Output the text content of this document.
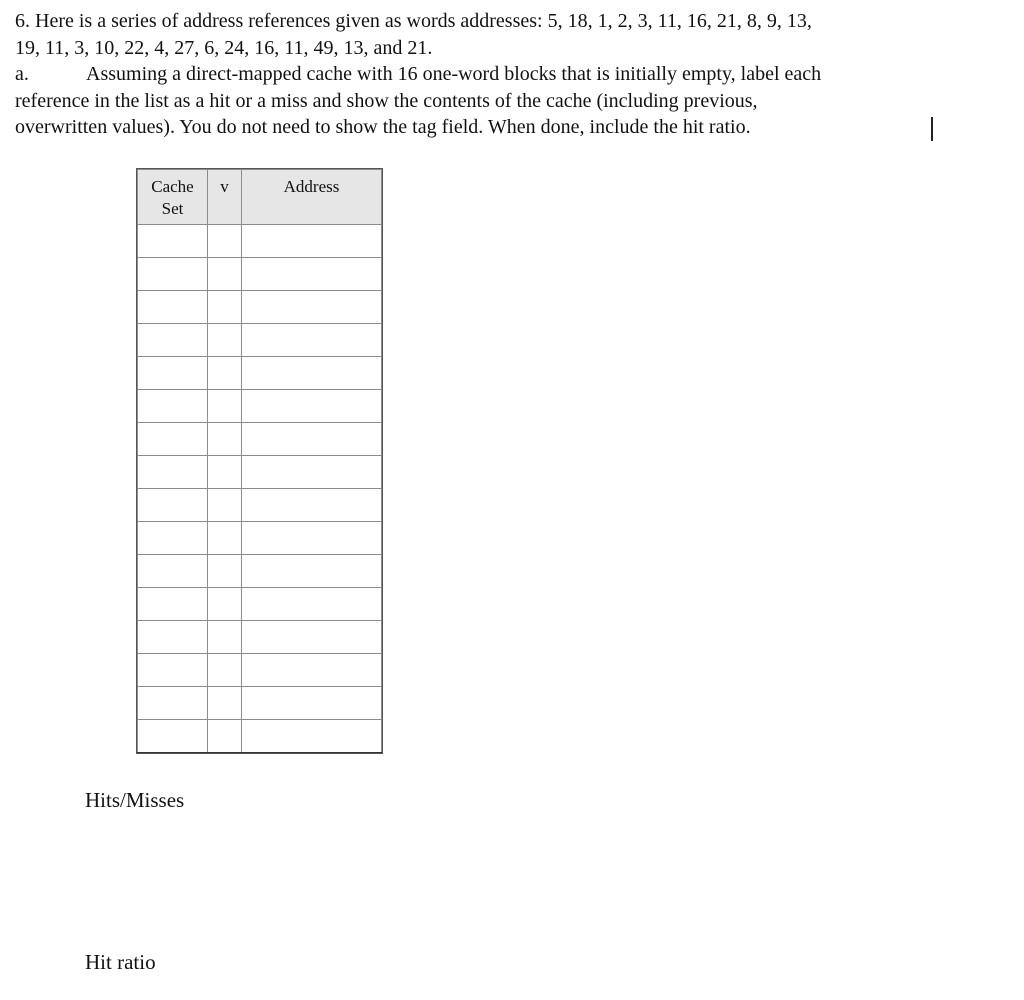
6. Here is a series of address references given as words addresses: 5, 18, 1, 2, 3, 11, 16, 21, 8, 9, 13,

19, 11, 3, 10, 22, 4, 27, 6, 24, 16, 11, 49, 13, and 21.

a.	Assuming a direct-mapped cache with 16 one-word blocks that is initially empty, label each

reference in the list as a hit or a miss and show the contents of the cache (including previous,

overwritten values). You do not need to show the tag field. When done, include the hit ratio.

Cache
Set	v	Address

Hits/Misses
Hit ratio
